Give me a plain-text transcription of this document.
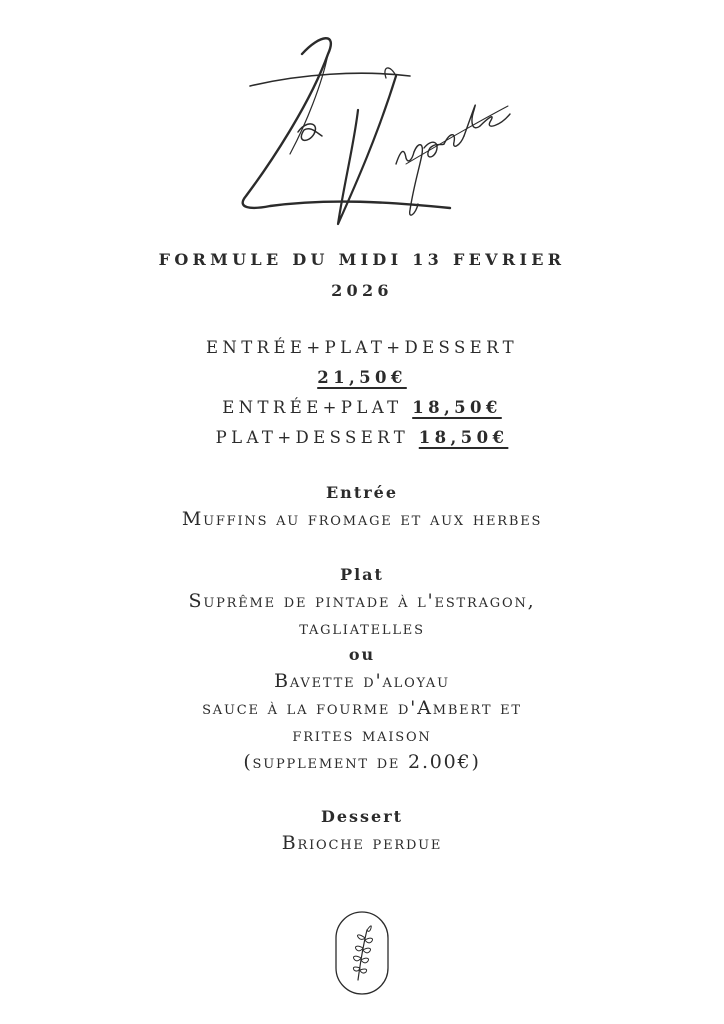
FORMULE DU MIDI 13 FEVRIER
2026
ENTRÉE+PLAT+DESSERT
21,50€
ENTRÉE+PLAT 18,50€
PLAT+DESSERT 18,50€
Entrée
Muffins au fromage et aux herbes
Plat
Suprême de pintade à l'estragon,
tagliatelles
ou
Bavette d'aloyau
sauce à la fourme d'Ambert et
frites maison
(supplement de 2.00€)
Dessert
Brioche perdue
